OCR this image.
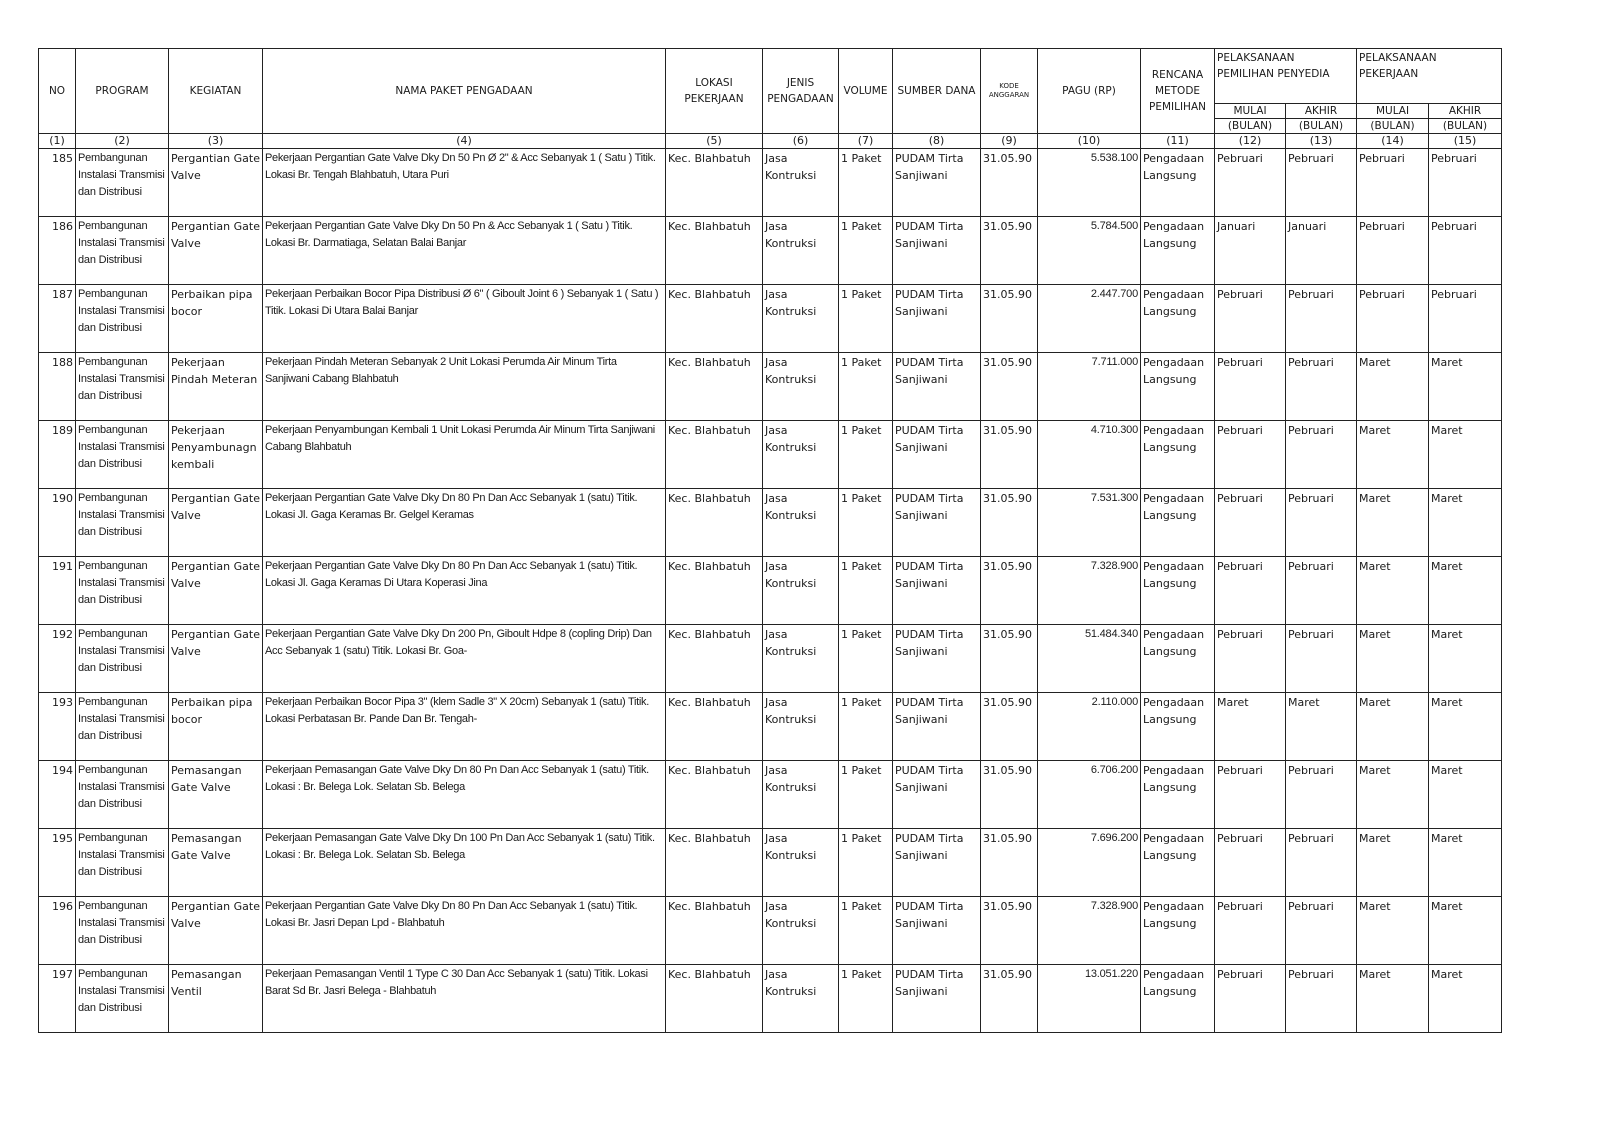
NO	PROGRAM	KEGIATAN	NAMA PAKET PENGADAAN	LOKASI PEKERJAAN	JENIS PENGADAAN	VOLUME	SUMBER DANA	KODE ANGGARAN	PAGU (RP)	RENCANA METODE PEMILIHAN	PELAKSANAAN PEMILIHAN PENYEDIA		PELAKSANAAN PEKERJAAN	
											MULAI	AKHIR	MULAI	AKHIR
											(BULAN)	(BULAN)	(BULAN)	(BULAN)
(1)	(2)	(3)	(4)	(5)	(6)	(7)	(8)	(9)	(10)	(11)	(12)	(13)	(14)	(15)
185	Pembangunan Instalasi Transmisi dan Distribusi	Pergantian Gate Valve	Pekerjaan Pergantian Gate Valve Dky Dn 50 Pn Ø 2" & Acc Sebanyak 1 ( Satu ) Titik. Lokasi Br. Tengah Blahbatuh, Utara Puri	Kec. Blahbatuh	Jasa Kontruksi	1 Paket	PUDAM Tirta Sanjiwani	31.05.90	5.538.100	Pengadaan Langsung	Pebruari	Pebruari	Pebruari	Pebruari
186	Pembangunan Instalasi Transmisi dan Distribusi	Pergantian Gate Valve	Pekerjaan Pergantian Gate Valve Dky Dn 50 Pn & Acc Sebanyak 1 ( Satu ) Titik. Lokasi Br. Darmatiaga, Selatan Balai Banjar	Kec. Blahbatuh	Jasa Kontruksi	1 Paket	PUDAM Tirta Sanjiwani	31.05.90	5.784.500	Pengadaan Langsung	Januari	Januari	Pebruari	Pebruari
187	Pembangunan Instalasi Transmisi dan Distribusi	Perbaikan pipa bocor	Pekerjaan Perbaikan Bocor Pipa Distribusi Ø 6" ( Giboult Joint 6 ) Sebanyak 1 ( Satu ) Titik. Lokasi Di Utara Balai Banjar	Kec. Blahbatuh	Jasa Kontruksi	1 Paket	PUDAM Tirta Sanjiwani	31.05.90	2.447.700	Pengadaan Langsung	Pebruari	Pebruari	Pebruari	Pebruari
188	Pembangunan Instalasi Transmisi dan Distribusi	Pekerjaan Pindah Meteran	Pekerjaan Pindah Meteran Sebanyak 2 Unit Lokasi Perumda Air Minum Tirta Sanjiwani Cabang Blahbatuh	Kec. Blahbatuh	Jasa Kontruksi	1 Paket	PUDAM Tirta Sanjiwani	31.05.90	7.711.000	Pengadaan Langsung	Pebruari	Pebruari	Maret	Maret
189	Pembangunan Instalasi Transmisi dan Distribusi	Pekerjaan Penyambunagn kembali	Pekerjaan Penyambungan Kembali 1 Unit Lokasi Perumda Air Minum Tirta Sanjiwani Cabang Blahbatuh	Kec. Blahbatuh	Jasa Kontruksi	1 Paket	PUDAM Tirta Sanjiwani	31.05.90	4.710.300	Pengadaan Langsung	Pebruari	Pebruari	Maret	Maret
190	Pembangunan Instalasi Transmisi dan Distribusi	Pergantian Gate Valve	Pekerjaan Pergantian Gate Valve Dky Dn 80 Pn Dan Acc Sebanyak 1 (satu) Titik. Lokasi Jl. Gaga Keramas Br. Gelgel Keramas	Kec. Blahbatuh	Jasa Kontruksi	1 Paket	PUDAM Tirta Sanjiwani	31.05.90	7.531.300	Pengadaan Langsung	Pebruari	Pebruari	Maret	Maret
191	Pembangunan Instalasi Transmisi dan Distribusi	Pergantian Gate Valve	Pekerjaan Pergantian Gate Valve Dky Dn 80 Pn Dan Acc Sebanyak 1 (satu) Titik. Lokasi Jl. Gaga Keramas Di Utara Koperasi Jina	Kec. Blahbatuh	Jasa Kontruksi	1 Paket	PUDAM Tirta Sanjiwani	31.05.90	7.328.900	Pengadaan Langsung	Pebruari	Pebruari	Maret	Maret
192	Pembangunan Instalasi Transmisi dan Distribusi	Pergantian Gate Valve	Pekerjaan Pergantian Gate Valve Dky Dn 200 Pn, Giboult Hdpe 8 (copling Drip) Dan Acc Sebanyak 1 (satu) Titik. Lokasi Br. Goa-	Kec. Blahbatuh	Jasa Kontruksi	1 Paket	PUDAM Tirta Sanjiwani	31.05.90	51.484.340	Pengadaan Langsung	Pebruari	Pebruari	Maret	Maret
193	Pembangunan Instalasi Transmisi dan Distribusi	Perbaikan pipa bocor	Pekerjaan Perbaikan Bocor Pipa 3" (klem Sadle 3" X 20cm) Sebanyak 1 (satu) Titik. Lokasi Perbatasan Br. Pande Dan Br. Tengah-	Kec. Blahbatuh	Jasa Kontruksi	1 Paket	PUDAM Tirta Sanjiwani	31.05.90	2.110.000	Pengadaan Langsung	Maret	Maret	Maret	Maret
194	Pembangunan Instalasi Transmisi dan Distribusi	Pemasangan Gate Valve	Pekerjaan Pemasangan Gate Valve Dky Dn 80 Pn Dan Acc Sebanyak 1 (satu) Titik. Lokasi : Br. Belega Lok. Selatan Sb. Belega	Kec. Blahbatuh	Jasa Kontruksi	1 Paket	PUDAM Tirta Sanjiwani	31.05.90	6.706.200	Pengadaan Langsung	Pebruari	Pebruari	Maret	Maret
195	Pembangunan Instalasi Transmisi dan Distribusi	Pemasangan Gate Valve	Pekerjaan Pemasangan Gate Valve Dky Dn 100 Pn Dan Acc Sebanyak 1 (satu) Titik. Lokasi : Br. Belega Lok. Selatan Sb. Belega	Kec. Blahbatuh	Jasa Kontruksi	1 Paket	PUDAM Tirta Sanjiwani	31.05.90	7.696.200	Pengadaan Langsung	Pebruari	Pebruari	Maret	Maret
196	Pembangunan Instalasi Transmisi dan Distribusi	Pergantian Gate Valve	Pekerjaan Pergantian Gate Valve Dky Dn 80 Pn Dan Acc Sebanyak 1 (satu) Titik. Lokasi Br. Jasri Depan Lpd - Blahbatuh	Kec. Blahbatuh	Jasa Kontruksi	1 Paket	PUDAM Tirta Sanjiwani	31.05.90	7.328.900	Pengadaan Langsung	Pebruari	Pebruari	Maret	Maret
197	Pembangunan Instalasi Transmisi dan Distribusi	Pemasangan Ventil	Pekerjaan Pemasangan Ventil 1 Type C 30 Dan Acc Sebanyak 1 (satu) Titik. Lokasi Barat Sd Br. Jasri Belega - Blahbatuh	Kec. Blahbatuh	Jasa Kontruksi	1 Paket	PUDAM Tirta Sanjiwani	31.05.90	13.051.220	Pengadaan Langsung	Pebruari	Pebruari	Maret	Maret
